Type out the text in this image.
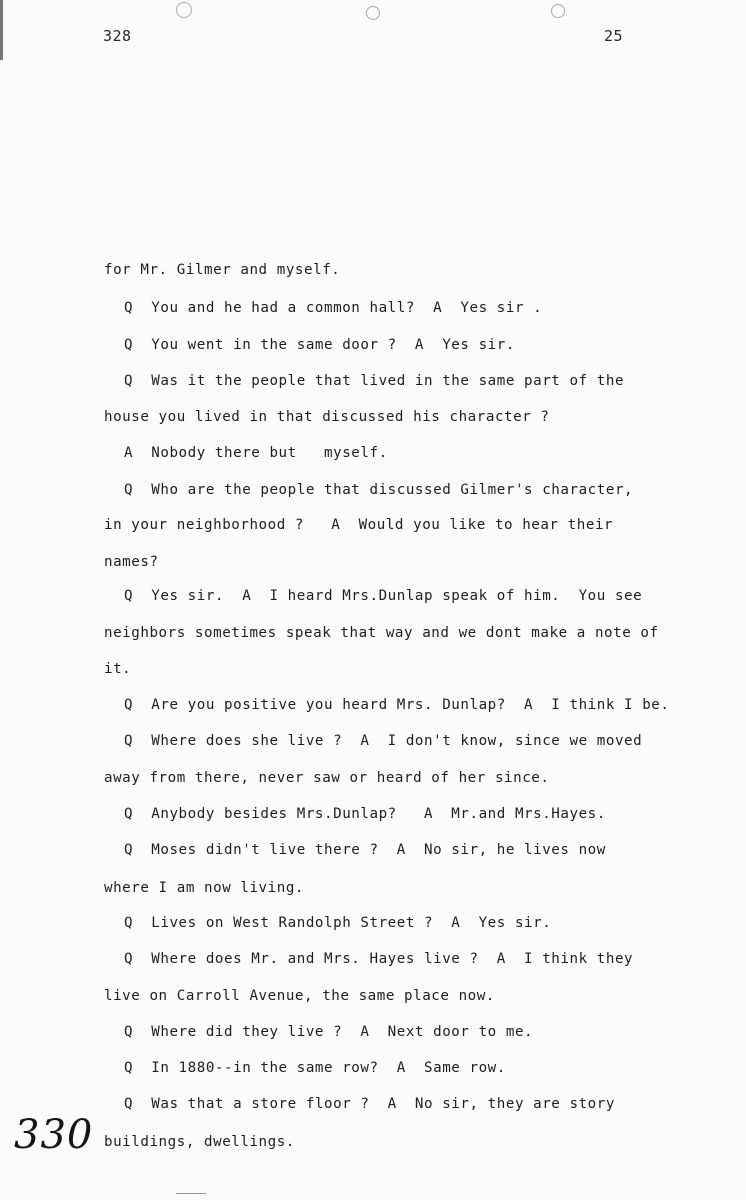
328	25
for Mr. Gilmer and myself.
Q  You and he had a common hall?  A  Yes sir .
Q  You went in the same door ?  A  Yes sir.
Q  Was it the people that lived in the same part of the
house you lived in that discussed his character ?
A  Nobody there but   myself.
Q  Who are the people that discussed Gilmer's character,
in your neighborhood ?   A  Would you like to hear their
names?
Q  Yes sir.  A  I heard Mrs.Dunlap speak of him.  You see
neighbors sometimes speak that way and we dont make a note of
it.
Q  Are you positive you heard Mrs. Dunlap?  A  I think I be.
Q  Where does she live ?  A  I don't know, since we moved
away from there, never saw or heard of her since.
Q  Anybody besides Mrs.Dunlap?   A  Mr.and Mrs.Hayes.
Q  Moses didn't live there ?  A  No sir, he lives now
where I am now living.
Q  Lives on West Randolph Street ?  A  Yes sir.
Q  Where does Mr. and Mrs. Hayes live ?  A  I think they
live on Carroll Avenue, the same place now.
Q  Where did they live ?  A  Next door to me.
Q  In 1880--in the same row?  A  Same row.
Q  Was that a store floor ?  A  No sir, they are story
buildings, dwellings.
330
